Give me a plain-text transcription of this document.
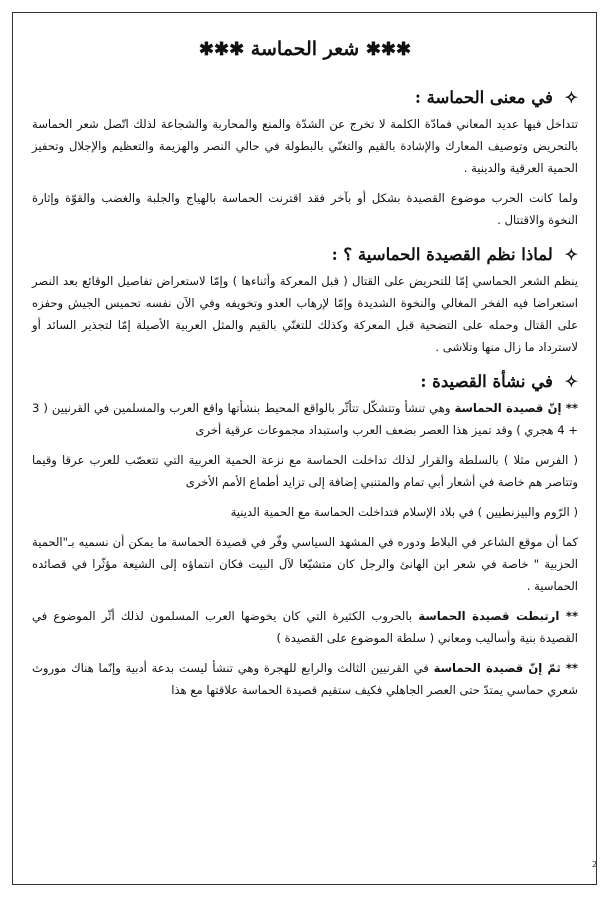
✱✱✱ شعر الحماسة ✱✱✱
✧ في معنى الحماسة :

تتداخل فيها عديد المعاني فمادّة الكلمة لا تخرج عن الشدّة والمنع والمحاربة والشجاعة لذلك اتّصل شعر الحماسة بالتحريض وتوصيف المعارك والإشادة بالقيم والتغنّي بالبطولة في حالي النصر والهزيمة والتعظيم والإجلال وتحفيز الحمية العرقية والدينية .

ولما كانت الحرب موضوع القصيدة بشكل أو بآخر فقد اقترنت الحماسة بالهياج والجلبة والغضب والقوّة وإثارة النخوة والاقتتال .

✧ لماذا نظم القصيدة الحماسية ؟ :

ينظم الشعر الحماسي إمّا للتحريض على القتال ( قبل المعركة وأثناءها ) وإمّا لاستعراض تفاصيل الوقائع بعد النصر استعراضا فيه الفخر المغالي والنخوة الشديدة وإمّا لإرهاب العدو وتخويفه وفي الآن نفسه تحميس الجيش وحفزه على القتال وحمله على التضحية قبل المعركة وكذلك للتغنّي بالقيم والمثل العربية الأصيلة إمّا لتجذير السائد أو لاسترداد ما زال منها وتلاشى .

✧ في نشأة القصيدة :

** إنّ قصيدة الحماسة وهي تنشأ وتتشكّل تتأثّر بالواقع المحيط بنشأتها واقع العرب والمسلمين في القرنيين ( 3 + 4 هجري ) وقد تميز هذا العصر بضعف العرب واستبداد مجموعات عرقية أخرى

( الفرس مثلا ) بالسلطة والقرار لذلك تداخلت الحماسة مع نزعة الحمية العربية التي تتعصّب للعرب عرقا وقيما وتتاصر هم خاصة في أشعار أبي تمام والمتنبي إضافة إلى تزايد أطماع الأمم الأخرى

( الرّوم والبيزنطيين ) في بلاد الإسلام فتداخلت الحماسة مع الحمية الدينية

كما أن موقع الشاعر في البلاط ودوره في المشهد السياسي وفّر في قصيدة الحماسة ما يمكن أن نسميه بـ"الحمية الحزبية " خاصة في شعر ابن الهانئ والرجل كان متشيّعا لآل البيت فكان انتماؤه إلى الشيعة مؤثّرا في قصائده الحماسية .

** ارتبطت قصيدة الحماسة بالحروب الكثيرة التي كان يخوضها العرب المسلمون لذلك أثّر الموضوع في القصيدة بنية وأساليب ومعاني ( سلطة الموضوع على القصيدة )

** ثمّ إنّ قصيدة الحماسة في القرنيين الثالث والرابع للهجرة وهي تنشأ ليست بدعة أدبية وإنّما هناك موروث شعري حماسي يمتدّ حتى العصر الجاهلي فكيف ستقيم قصيدة الحماسة علاقتها مع هذا

2
